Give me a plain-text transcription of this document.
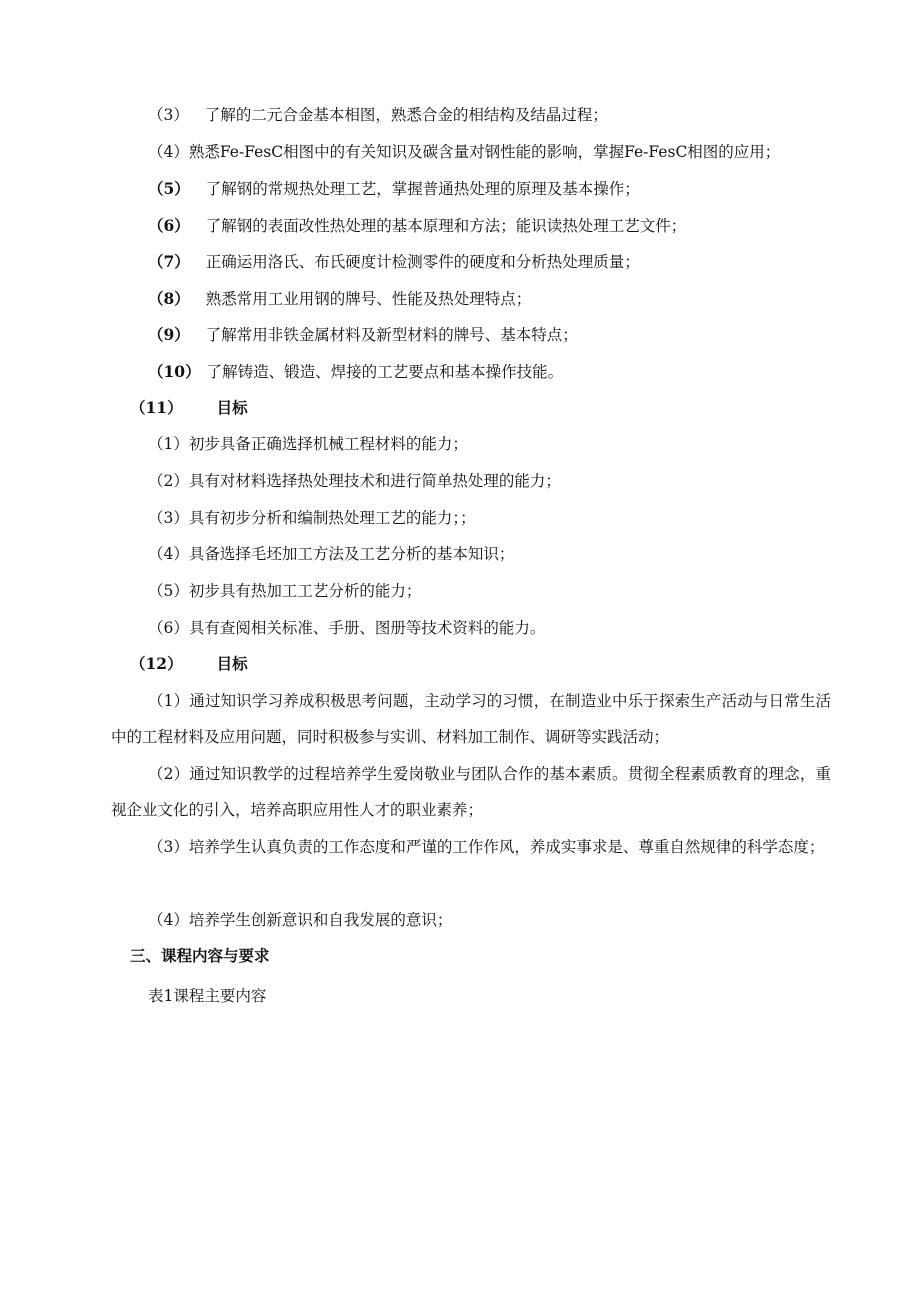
（3） 了解的二元合金基本相图，熟悉合金的相结构及结晶过程；
（4）熟悉Fe-FesC相图中的有关知识及碳含量对钢性能的影响，掌握Fe-FesC相图的应用；
（5） 了解钢的常规热处理工艺，掌握普通热处理的原理及基本操作；
（6） 了解钢的表面改性热处理的基本原理和方法；能识读热处理工艺文件；
（7） 正确运用洛氏、布氏硬度计检测零件的硬度和分析热处理质量；
（8） 熟悉常用工业用钢的牌号、性能及热处理特点；
（9） 了解常用非铁金属材料及新型材料的牌号、基本特点；
（10） 了解铸造、锻造、焊接的工艺要点和基本操作技能。
（11） 目标
（1）初步具备正确选择机械工程材料的能力；
（2）具有对材料选择热处理技术和进行简单热处理的能力；
（3）具有初步分析和编制热处理工艺的能力；；
（4）具备选择毛坯加工方法及工艺分析的基本知识；
（5）初步具有热加工工艺分析的能力；
（6）具有查阅相关标准、手册、图册等技术资料的能力。
（12） 目标
（1）通过知识学习养成积极思考问题，主动学习的习惯，在制造业中乐于探索生产活动与日常生活中的工程材料及应用问题，同时积极参与实训、材料加工制作、调研等实践活动；
（2）通过知识教学的过程培养学生爱岗敬业与团队合作的基本素质。贯彻全程素质教育的理念，重视企业文化的引入，培养高职应用性人才的职业素养；
（3）培养学生认真负责的工作态度和严谨的工作作风，养成实事求是、尊重自然规律的科学态度；
（4）培养学生创新意识和自我发展的意识；
三、课程内容与要求
表1课程主要内容
